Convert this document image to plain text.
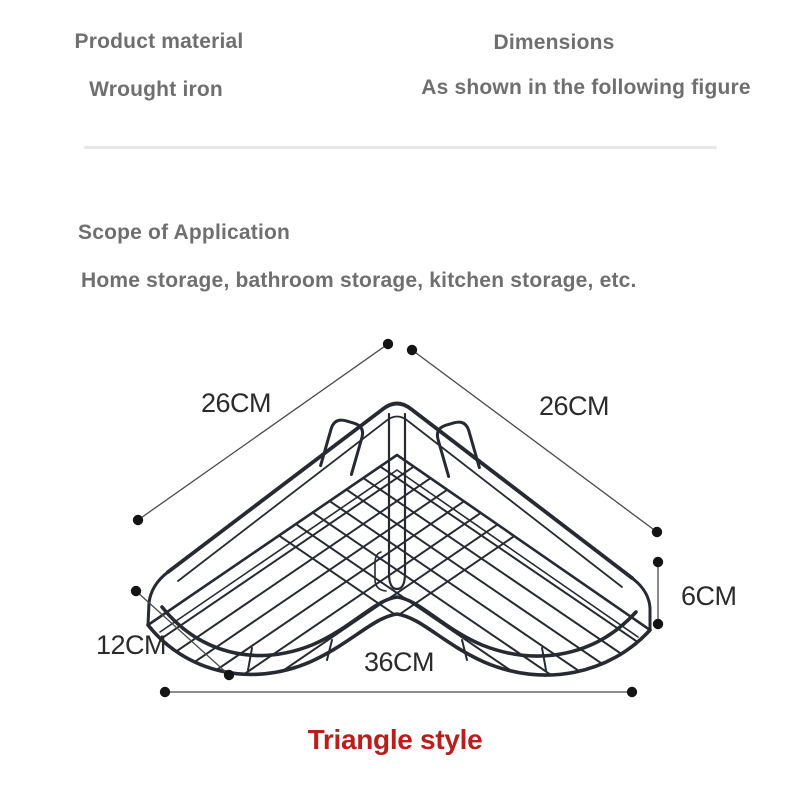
Product material
Wrought iron
Dimensions
As shown in the following figure
Scope of Application
Home storage, bathroom storage, kitchen storage, etc.
26CM	26CM
6CM
12CM
36CM
Triangle style
